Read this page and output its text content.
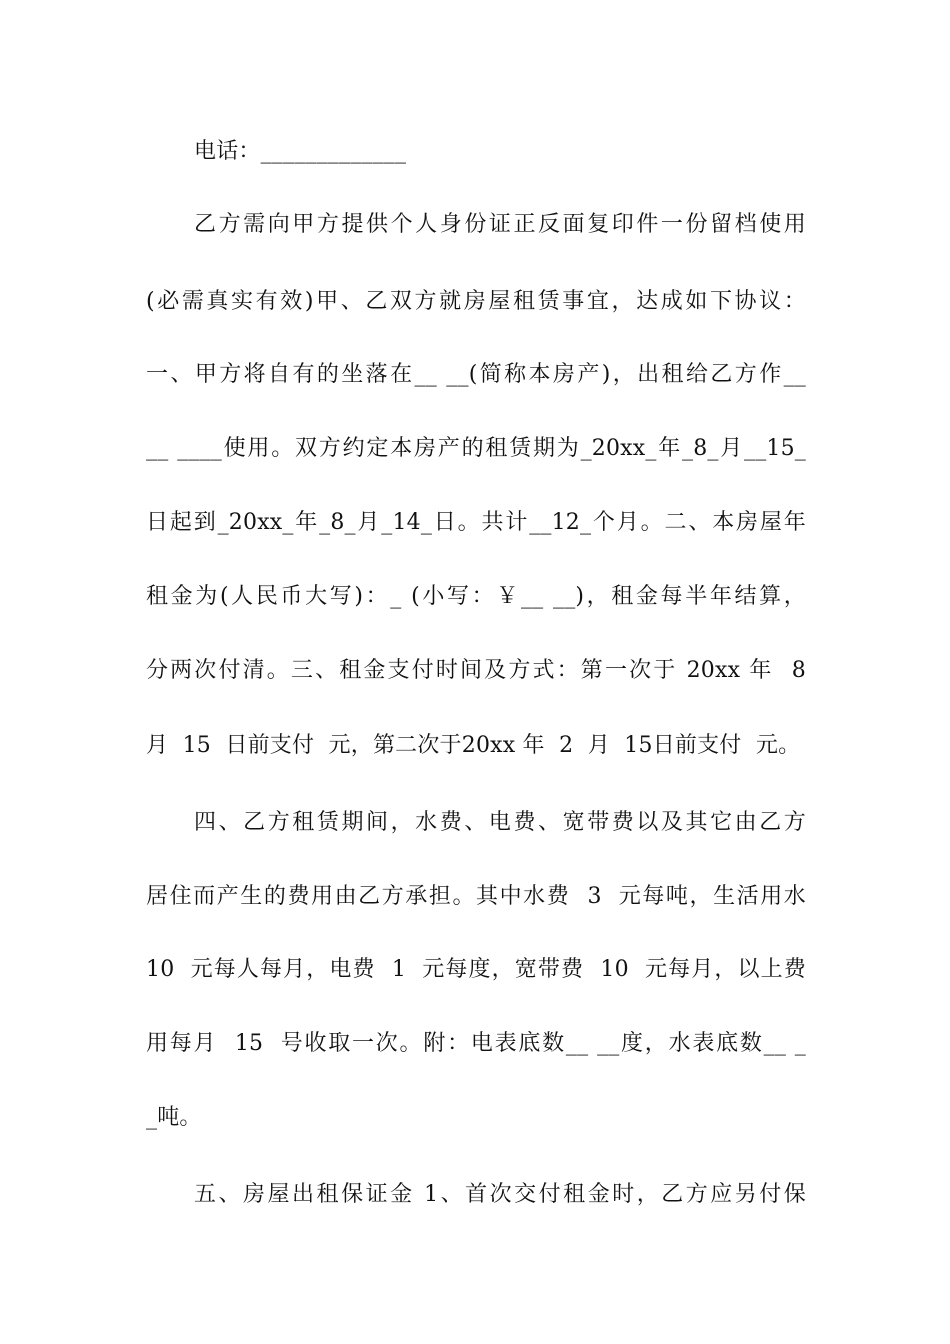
电话：_____________
乙方需向甲方提供个人身份证正反面复印件一份留档使用
(必需真实有效)甲、乙双方就房屋租赁事宜，达成如下协议：
一、甲方将自有的坐落在__ __(简称本房产)，出租给乙方作__
__ ____使用。双方约定本房产的租赁期为_20xx_年_8_月__15_
日起到_20xx_年_8_月_14_日。共计__12_个月。二、本房屋年
租金为(人民币大写)：_ (小写：￥__ __)，租金每半年结算，
分两次付清。三、租金支付时间及方式：第一次于 20xx 年  8
月  15  日前支付  元，第二次于20xx 年  2  月  15日前支付  元。
四、乙方租赁期间，水费、电费、宽带费以及其它由乙方
居住而产生的费用由乙方承担。其中水费  3  元每吨，生活用水
10  元每人每月，电费  1  元每度，宽带费  10  元每月，以上费
用每月  15  号收取一次。附：电表底数__ __度，水表底数__ _
_吨。
五、房屋出租保证金 1、首次交付租金时，乙方应另付保
